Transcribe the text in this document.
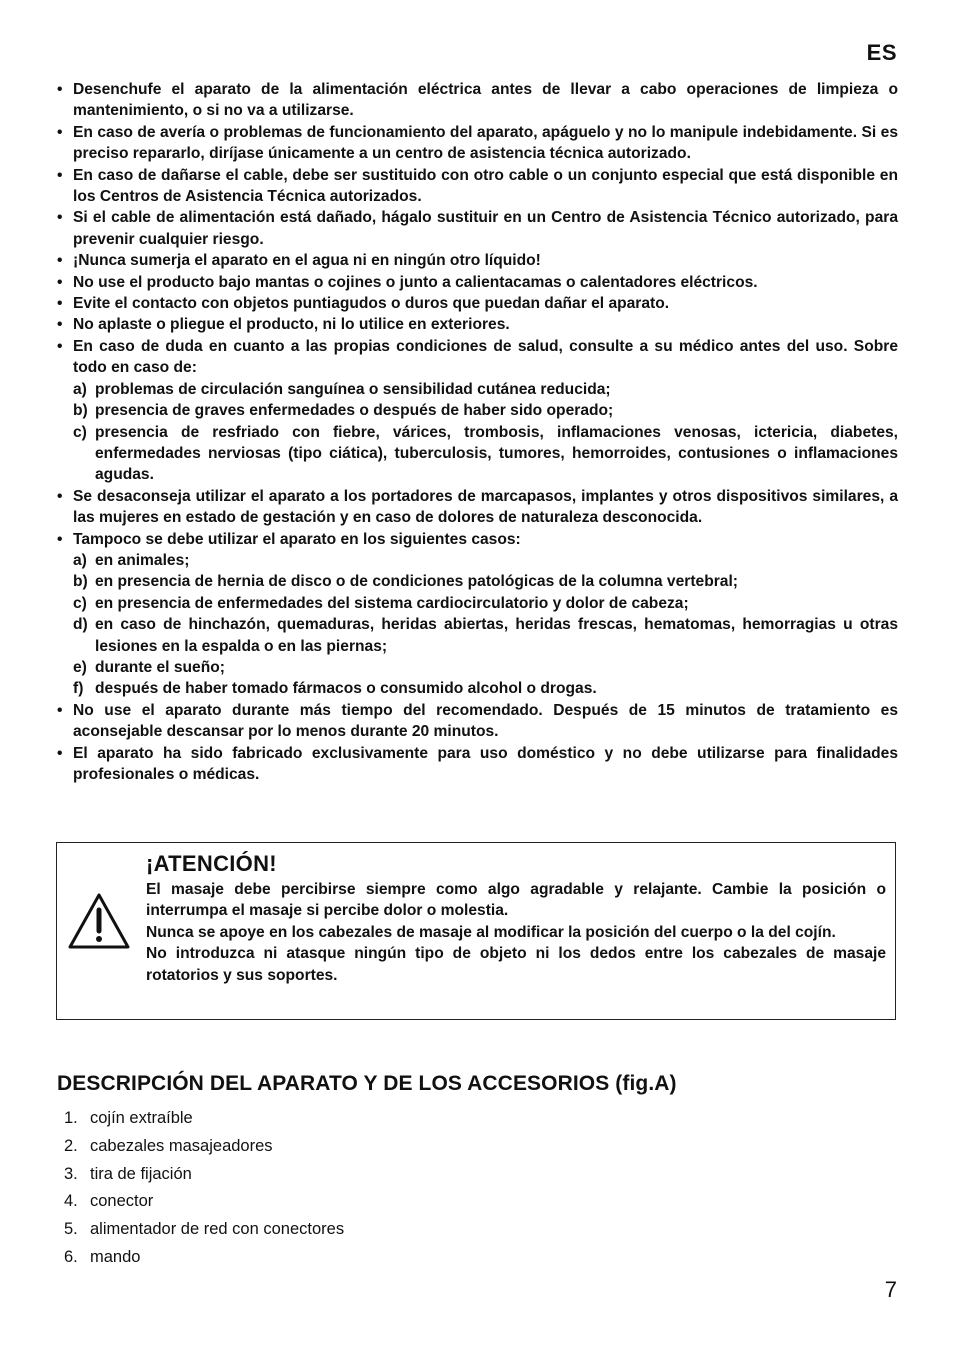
ES
• Desenchufe el aparato de la alimentación eléctrica antes de llevar a cabo operaciones de limpieza o mantenimiento, o si no va a utilizarse.
• En caso de avería o problemas de funcionamiento del aparato, apáguelo y no lo manipule indebidamente. Si es preciso repararlo, diríjase únicamente a un centro de asistencia técnica autorizado.
• En caso de dañarse el cable, debe ser sustituido con otro cable o un conjunto especial que está disponible en los Centros de Asistencia Técnica autorizados.
• Si el cable de alimentación está dañado, hágalo sustituir en un Centro de Asistencia Técnico autorizado, para prevenir cualquier riesgo.
• ¡Nunca sumerja el aparato en el agua ni en ningún otro líquido!
• No use el producto bajo mantas o cojines o junto a calientacamas o calentadores eléctricos.
• Evite el contacto con objetos puntiagudos o duros que puedan dañar el aparato.
• No aplaste o pliegue el producto, ni lo utilice en exteriores.
• En caso de duda en cuanto a las propias condiciones de salud, consulte a su médico antes del uso. Sobre todo en caso de:
a) problemas de circulación sanguínea o sensibilidad cutánea reducida;
b) presencia de graves enfermedades o después de haber sido operado;
c) presencia de resfriado con fiebre, várices, trombosis, inflamaciones venosas, ictericia, diabetes, enfermedades nerviosas (tipo ciática), tuberculosis, tumores, hemorroides, contusiones o inflamaciones agudas.
• Se desaconseja utilizar el aparato a los portadores de marcapasos, implantes y otros dispositivos similares, a las mujeres en estado de gestación y en caso de dolores de naturaleza desconocida.
• Tampoco se debe utilizar el aparato en los siguientes casos:
a) en animales;
b) en presencia de hernia de disco o de condiciones patológicas de la columna vertebral;
c) en presencia de enfermedades del sistema cardiocirculatorio y dolor de cabeza;
d) en caso de hinchazón, quemaduras, heridas abiertas, heridas frescas, hematomas, hemorragias u otras lesiones en la espalda o en las piernas;
e) durante el sueño;
f) después de haber tomado fármacos o consumido alcohol o drogas.
• No use el aparato durante más tiempo del recomendado. Después de 15 minutos de tratamiento es aconsejable descansar por lo menos durante 20 minutos.
• El aparato ha sido fabricado exclusivamente para uso doméstico y no debe utilizarse para finalidades profesionales o médicas.
¡ATENCIÓN!

El masaje debe percibirse siempre como algo agradable y relajante. Cambie la posición o interrumpa el masaje si percibe dolor o molestia.

Nunca se apoye en los cabezales de masaje al modificar la posición del cuerpo o la del cojín.

No introduzca ni atasque ningún tipo de objeto ni los dedos entre los cabezales de masaje rotatorios y sus soportes.

DESCRIPCIÓN DEL APARATO Y DE LOS ACCESORIOS (fig.A)
1. cojín extraíble
2. cabezales masajeadores
3. tira de fijación
4. conector
5. alimentador de red con conectores
6. mando
7
